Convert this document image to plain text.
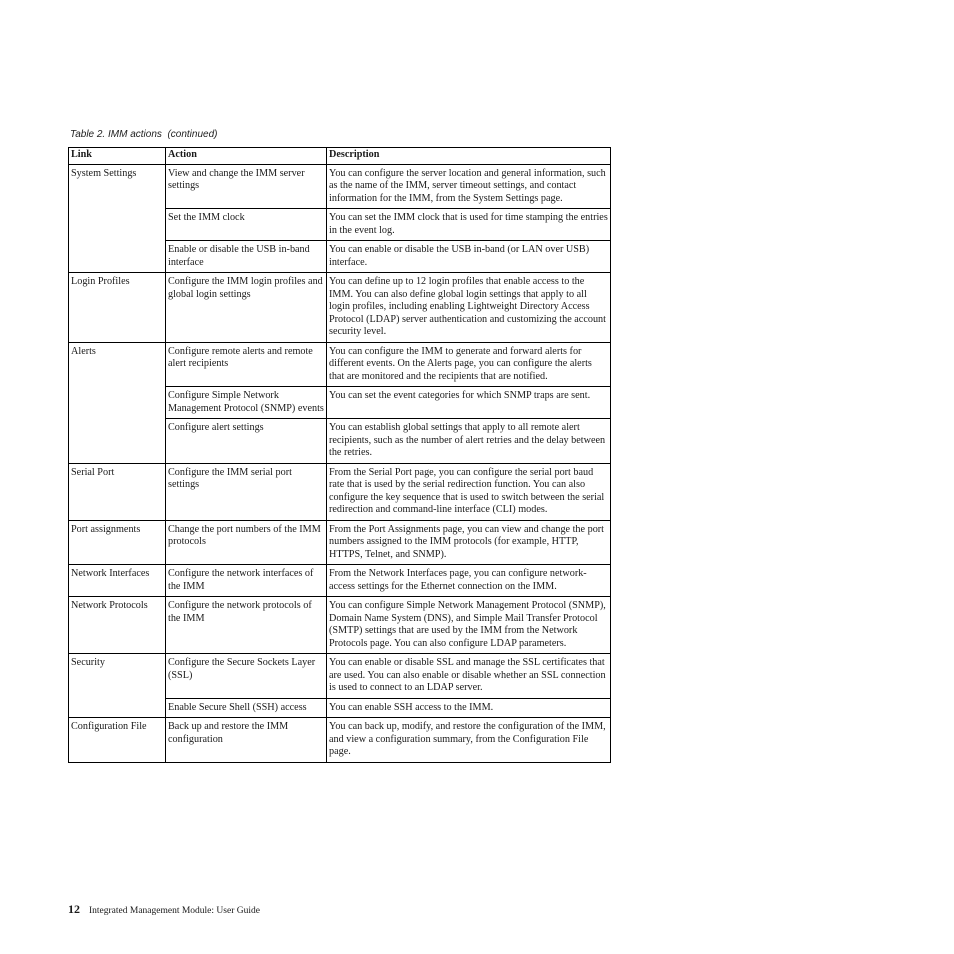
Table 2. IMM actions  (continued)
Link	Action	Description
System Settings	View and change the IMM server settings	You can configure the server location and general information, such as the name of the IMM, server timeout settings, and contact information for the IMM, from the System Settings page.
	Set the IMM clock	You can set the IMM clock that is used for time stamping the entries in the event log.
	Enable or disable the USB in-band interface	You can enable or disable the USB in-band (or LAN over USB) interface.
Login Profiles	Configure the IMM login profiles and global login settings	You can define up to 12 login profiles that enable access to the IMM. You can also define global login settings that apply to all login profiles, including enabling Lightweight Directory Access Protocol (LDAP) server authentication and customizing the account security level.
Alerts	Configure remote alerts and remote alert recipients	You can configure the IMM to generate and forward alerts for different events. On the Alerts page, you can configure the alerts that are monitored and the recipients that are notified.
	Configure Simple Network Management Protocol (SNMP) events	You can set the event categories for which SNMP traps are sent.
	Configure alert settings	You can establish global settings that apply to all remote alert recipients, such as the number of alert retries and the delay between the retries.
Serial Port	Configure the IMM serial port settings	From the Serial Port page, you can configure the serial port baud rate that is used by the serial redirection function. You can also configure the key sequence that is used to switch between the serial redirection and command-line interface (CLI) modes.
Port assignments	Change the port numbers of the IMM protocols	From the Port Assignments page, you can view and change the port numbers assigned to the IMM protocols (for example, HTTP, HTTPS, Telnet, and SNMP).
Network Interfaces	Configure the network interfaces of the IMM	From the Network Interfaces page, you can configure network-access settings for the Ethernet connection on the IMM.
Network Protocols	Configure the network protocols of the IMM	You can configure Simple Network Management Protocol (SNMP), Domain Name System (DNS), and Simple Mail Transfer Protocol (SMTP) settings that are used by the IMM from the Network Protocols page. You can also configure LDAP parameters.
Security	Configure the Secure Sockets Layer (SSL)	You can enable or disable SSL and manage the SSL certificates that are used. You can also enable or disable whether an SSL connection is used to connect to an LDAP server.
	Enable Secure Shell (SSH) access	You can enable SSH access to the IMM.
Configuration File	Back up and restore the IMM configuration	You can back up, modify, and restore the configuration of the IMM, and view a configuration summary, from the Configuration File page.
12 Integrated Management Module: User Guide
